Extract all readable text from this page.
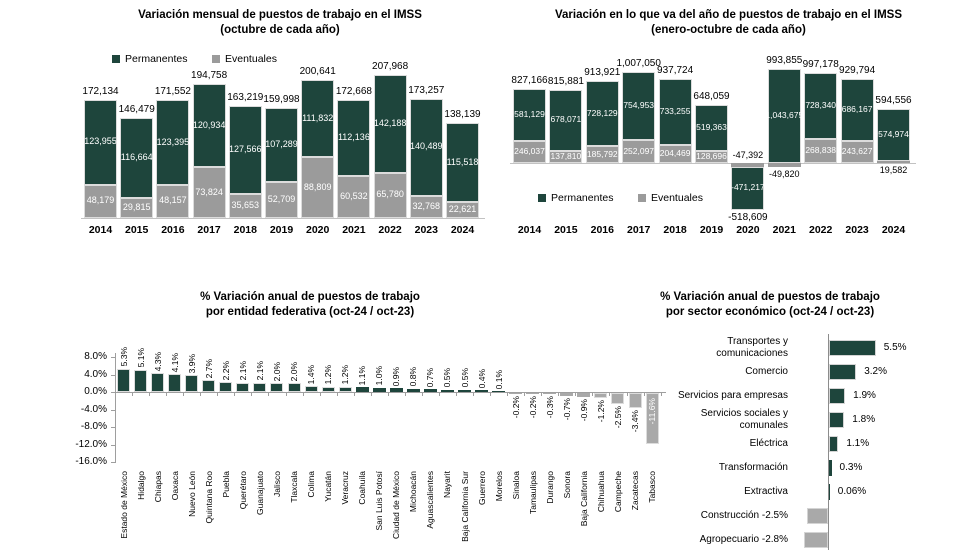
Variación mensual de puestos de trabajo en el IMSS
(octubre de cada año)
Permanentes	Eventuales
48,179
123,955
172,134
2014
29,815
116,664
146,479
2015
48,157
123,395
171,552
2016
73,824
120,934
194,758
2017
35,653
127,566
163,219
2018
52,709
107,289
159,998
2019
88,809
111,832
200,641
2020
60,532
112,136
172,668
2021
65,780
142,188
207,968
2022
32,768
140,489
173,257
2023
22,621
115,518
138,139
2024
Variación en lo que va del año de puestos de trabajo en el IMSS
(enero-octubre de cada año)
Permanentes	Eventuales
246,037
581,129
827,166
2014
137,810
678,071
815,881
2015
185,792
728,129
913,921
2016
252,097
754,953
1,007,050
2017
204,469
733,255
937,724
2018
128,696
519,363
648,059
2019
-47,392
-471,217
-518,609
2020
-49,820
1,043,675
993,855
2021
268,838
728,340
997,178
2022
243,627
686,167
929,794
2023
19,582
574,974
594,556
2024
% Variación anual de puestos de trabajo
por entidad federativa (oct-24 / oct-23)
8.0%
4.0%
0.0%
-4.0%
-8.0%
-12.0%
-16.0%
5.3%
Estado de México
5.1%
Hidalgo
4.3%
Chiapas
4.1%
Oaxaca
3.9%
Nuevo León
2.7%
Quintana Roo
2.2%
Puebla
2.1%
Querétaro
2.1%
Guanajuato
2.0%
Jalisco
2.0%
Tlaxcala
1.4%
Colima
1.2%
Yucatán
1.2%
Veracruz
1.1%
Coahuila
1.0%
San Luis Potosí
0.9%
Ciudad de México
0.8%
Michoacán
0.7%
Aguascalientes
0.5%
Nayarit
0.5%
Baja California Sur
0.4%
Guerrero
0.1%
Morelos
-0.2%
Sinaloa
-0.2%
Tamaulipas
-0.3%
Durango
-0.7%
Sonora
-0.9%
Baja California
-1.2%
Chihuahua
-2.5%
Campeche
-3.4%
Zacatecas
-11.6%
Tabasco
% Variación anual de puestos de trabajo
por sector económico (oct-24 / oct-23)
Transportes y comunicaciones
5.5%
Comercio	3.2%
Servicios para empresas	1.9%
Servicios sociales y comunales
1.8%
Eléctrica	1.1%
Transformación	0.3%
Extractiva	0.06%
Construcción -2.5%
Agropecuario -2.8%
